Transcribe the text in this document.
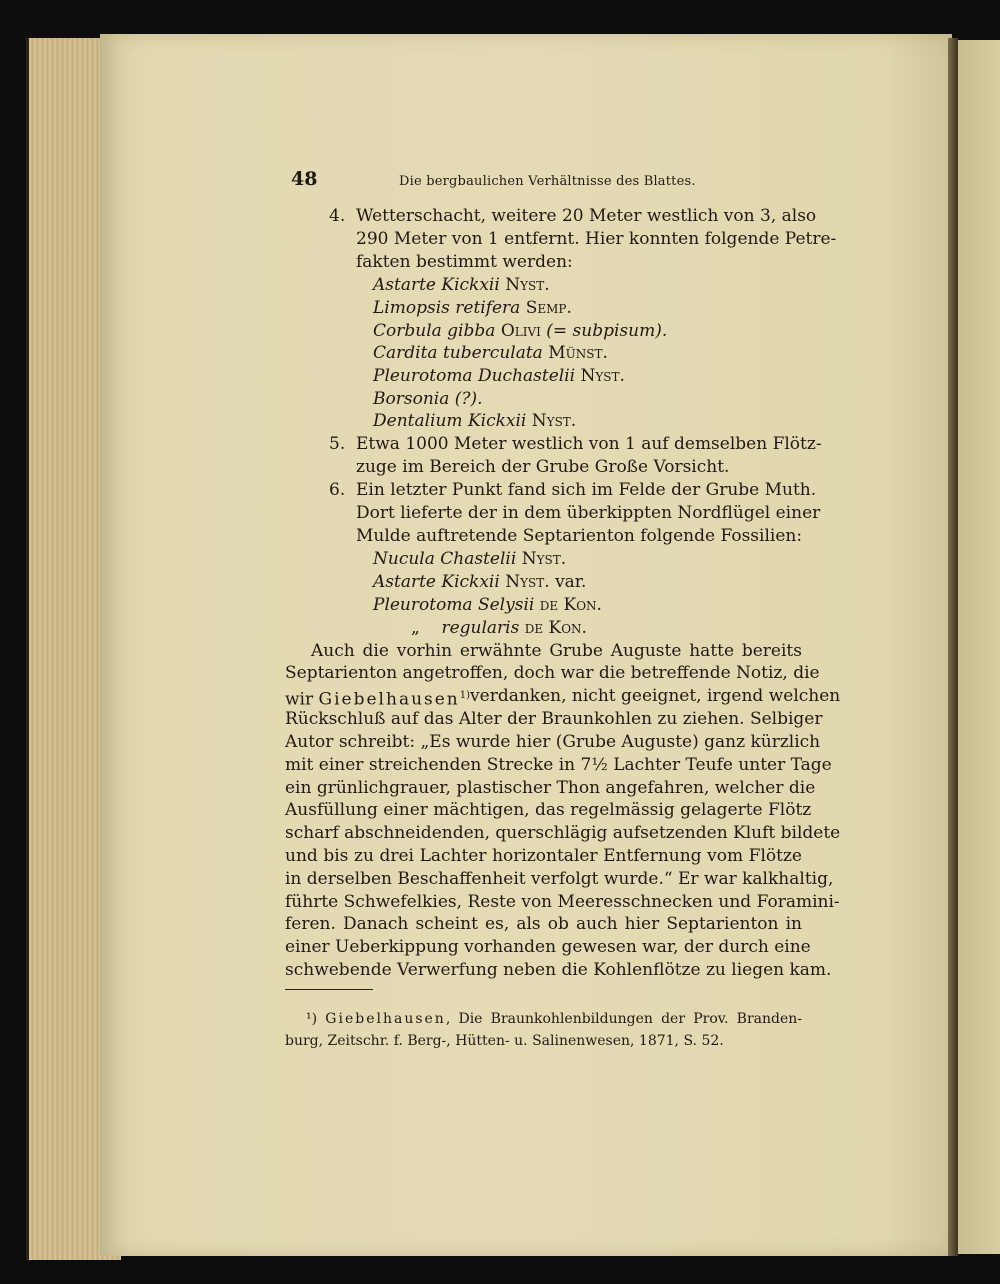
48	Die bergbaulichen Verhältnisse des Blattes.
4. Wetterschacht, weitere 20 Meter westlich von 3, also
290 Meter von 1 entfernt. Hier konnten folgende Petre-
fakten bestimmt werden:
Astarte Kickxii Nyst.
Limopsis retifera Semp.
Corbula gibba Olivi (= subpisum).
Cardita tuberculata Münst.
Pleurotoma Duchastelii Nyst.
Borsonia (?).
Dentalium Kickxii Nyst.
5. Etwa 1000 Meter westlich von 1 auf demselben Flötz-
zuge im Bereich der Grube Große Vorsicht.
6. Ein letzter Punkt fand sich im Felde der Grube Muth.
Dort lieferte der in dem überkippten Nordflügel einer
Mulde auftretende Septarienton folgende Fossilien:
Nucula Chastelii Nyst.
Astarte Kickxii Nyst. var.
Pleurotoma Selysii de Kon.
„ regularis de Kon.
Auch die vorhin erwähnte Grube Auguste hatte bereits
Septarienton angetroffen, doch war die betreffende Notiz, die
wir Giebelhausen$^{1)}$ verdanken, nicht geeignet, irgend welchen
Rückschluß auf das Alter der Braunkohlen zu ziehen. Selbiger
Autor schreibt: „Es wurde hier (Grube Auguste) ganz kürzlich
mit einer streichenden Strecke in 7½ Lachter Teufe unter Tage
ein grünlichgrauer, plastischer Thon angefahren, welcher die
Ausfüllung einer mächtigen, das regelmässig gelagerte Flötz
scharf abschneidenden, querschlägig aufsetzenden Kluft bildete
und bis zu drei Lachter horizontaler Entfernung vom Flötze
in derselben Beschaffenheit verfolgt wurde.“ Er war kalkhaltig,
führte Schwefelkies, Reste von Meeresschnecken und Foramini-
feren. Danach scheint es, als ob auch hier Septarienton in
einer Ueberkippung vorhanden gewesen war, der durch eine
schwebende Verwerfung neben die Kohlenflötze zu liegen kam.
¹) Giebelhausen, Die Braunkohlenbildungen der Prov. Branden-
burg, Zeitschr. f. Berg-, Hütten- u. Salinenwesen, 1871, S. 52.
